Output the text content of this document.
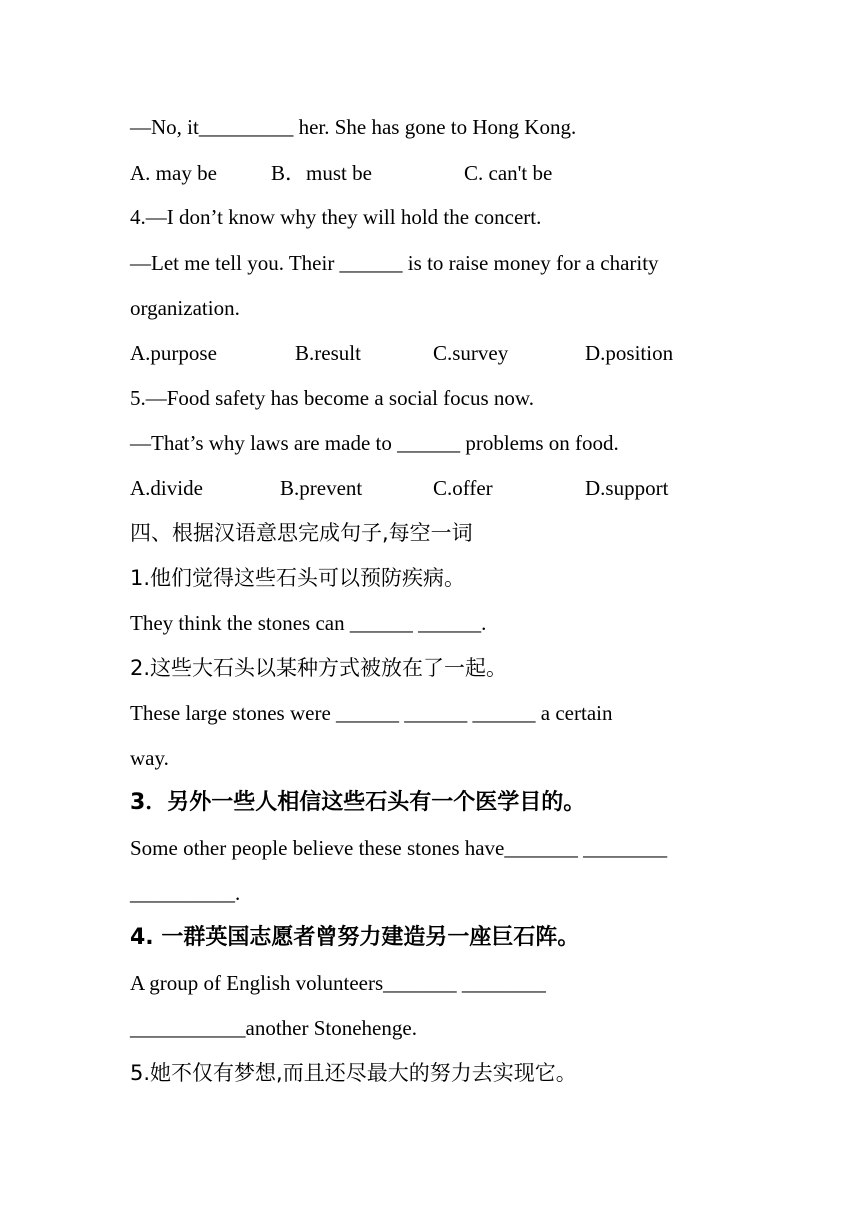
—No, it_________ her. She has gone to Hong Kong.
A. may be	B．must be	C. can't be
4.—I don’t know why they will hold the concert.
—Let me tell you. Their ______ is to raise money for a charity
organization.
A.purpose	B.result	C.survey	D.position
5.—Food safety has become a social focus now.
—That’s why laws are made to ______ problems on food.
A.divide	B.prevent	C.offer	D.support
四、根据汉语意思完成句子,每空一词
1.他们觉得这些石头可以预防疾病。
They think the stones can ______ ______.
2.这些大石头以某种方式被放在了一起。
These large stones were ______ ______ ______ a certain
way.
3．另外一些人相信这些石头有一个医学目的。
Some other people believe these stones have_______ ________
__________.
4. 一群英国志愿者曾努力建造另一座巨石阵。
A group of English volunteers_______ ________
___________another Stonehenge.
5.她不仅有梦想,而且还尽最大的努力去实现它。
